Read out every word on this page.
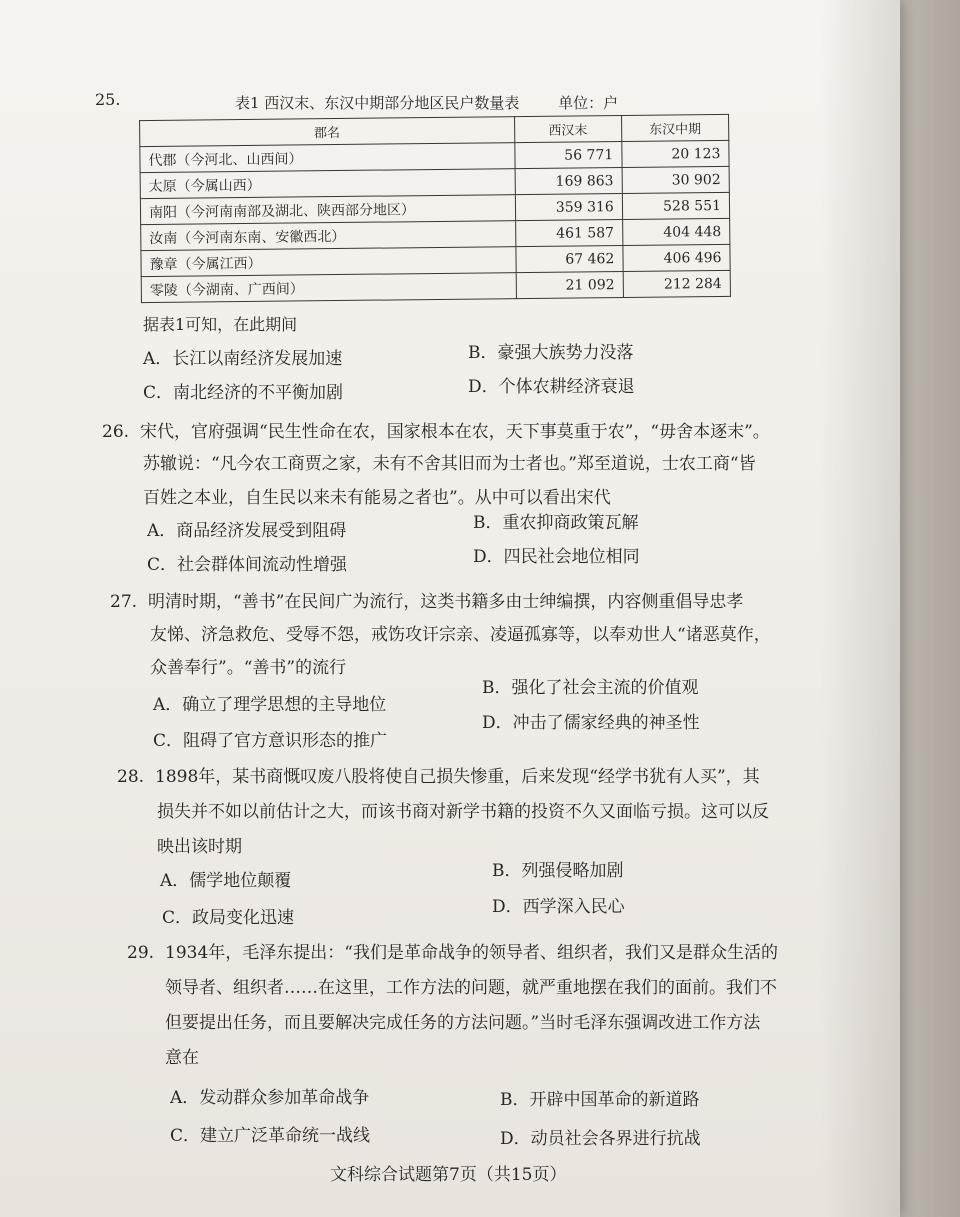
25.	表1 西汉末、东汉中期部分地区民户数量表	单位：户
郡名	西汉末	东汉中期
代郡（今河北、山西间）	56 771	20 123
太原（今属山西）	169 863	30 902
南阳（今河南南部及湖北、陕西部分地区）	359 316	528 551
汝南（今河南东南、安徽西北）	461 587	404 448
豫章（今属江西）	67 462	406 496
零陵（今湖南、广西间）	21 092	212 284
据表1可知，在此期间
A．长江以南经济发展加速	B．豪强大族势力没落
C．南北经济的不平衡加剧	D．个体农耕经济衰退
26. 宋代，官府强调“民生性命在农，国家根本在农，天下事莫重于农”，“毋舍本逐末”。
苏辙说：“凡今农工商贾之家，未有不舍其旧而为士者也。”郑至道说，士农工商“皆
百姓之本业，自生民以来未有能易之者也”。从中可以看出宋代
A．商品经济发展受到阻碍	B．重农抑商政策瓦解
C．社会群体间流动性增强	D．四民社会地位相同
27. 明清时期，“善书”在民间广为流行，这类书籍多由士绅编撰，内容侧重倡导忠孝
友悌、济急救危、受辱不怨，戒饬攻讦宗亲、凌逼孤寡等，以奉劝世人“诸恶莫作，
众善奉行”。“善书”的流行
A．确立了理学思想的主导地位
B．强化了社会主流的价值观
C．阻碍了官方意识形态的推广
D．冲击了儒家经典的神圣性
28. 1898年，某书商慨叹废八股将使自己损失惨重，后来发现“经学书犹有人买”，其
损失并不如以前估计之大，而该书商对新学书籍的投资不久又面临亏损。这可以反
映出该时期
A．儒学地位颠覆	B．列强侵略加剧
C．政局变化迅速
D．西学深入民心
29. 1934年，毛泽东提出：“我们是革命战争的领导者、组织者，我们又是群众生活的
领导者、组织者……在这里，工作方法的问题，就严重地摆在我们的面前。我们不
但要提出任务，而且要解决完成任务的方法问题。”当时毛泽东强调改进工作方法
意在
A．发动群众参加革命战争	B．开辟中国革命的新道路
C．建立广泛革命统一战线	D．动员社会各界进行抗战
文科综合试题第7页（共15页）
